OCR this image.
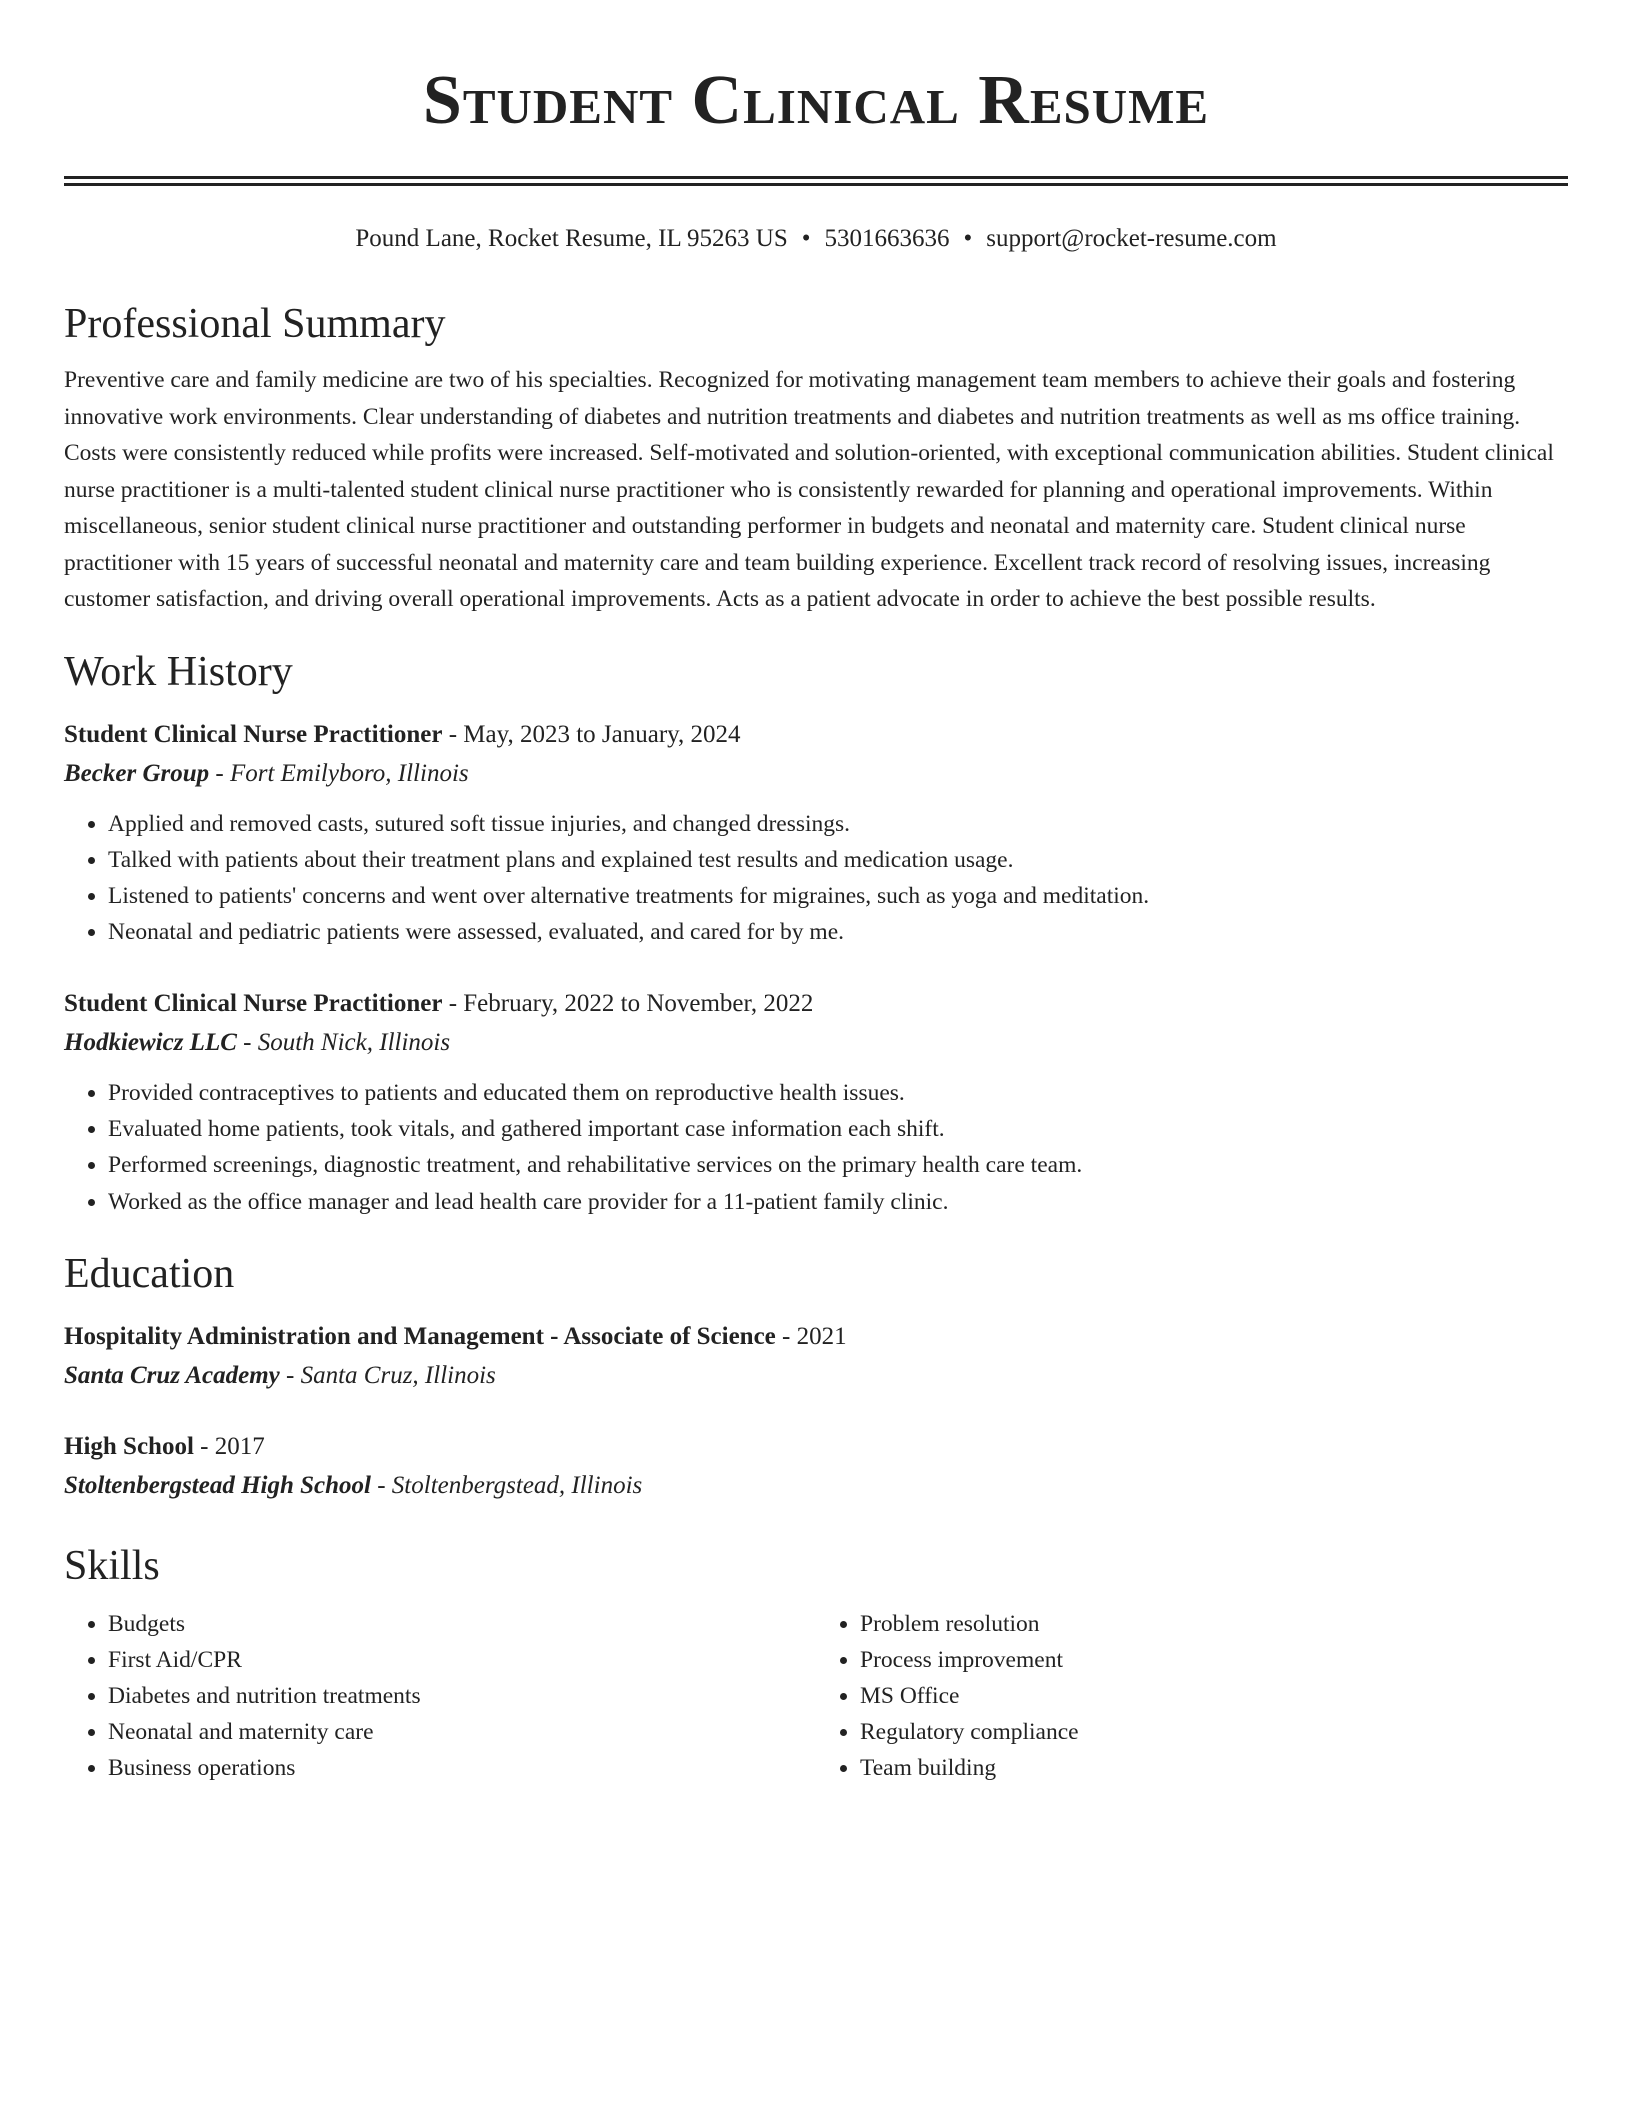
Student Clinical Resume
Pound Lane, Rocket Resume, IL 95263 US • 5301663636 • support@rocket-resume.com
Professional Summary

Preventive care and family medicine are two of his specialties. Recognized for motivating management team members to achieve their goals and fostering innovative work environments. Clear understanding of diabetes and nutrition treatments and diabetes and nutrition treatments as well as ms office training. Costs were consistently reduced while profits were increased. Self-motivated and solution-oriented, with exceptional communication abilities. Student clinical nurse practitioner is a multi-talented student clinical nurse practitioner who is consistently rewarded for planning and operational improvements. Within miscellaneous, senior student clinical nurse practitioner and outstanding performer in budgets and neonatal and maternity care. Student clinical nurse practitioner with 15 years of successful neonatal and maternity care and team building experience. Excellent track record of resolving issues, increasing customer satisfaction, and driving overall operational improvements. Acts as a patient advocate in order to achieve the best possible results.

Work History
Student Clinical Nurse Practitioner - May, 2023 to January, 2024
Becker Group - Fort Emilyboro, Illinois
• Applied and removed casts, sutured soft tissue injuries, and changed dressings.
• Talked with patients about their treatment plans and explained test results and medication usage.
• Listened to patients' concerns and went over alternative treatments for migraines, such as yoga and meditation.
• Neonatal and pediatric patients were assessed, evaluated, and cared for by me.
Student Clinical Nurse Practitioner - February, 2022 to November, 2022
Hodkiewicz LLC - South Nick, Illinois
• Provided contraceptives to patients and educated them on reproductive health issues.
• Evaluated home patients, took vitals, and gathered important case information each shift.
• Performed screenings, diagnostic treatment, and rehabilitative services on the primary health care team.
• Worked as the office manager and lead health care provider for a 11-patient family clinic.
Education
Hospitality Administration and Management - Associate of Science - 2021
Santa Cruz Academy - Santa Cruz, Illinois
High School - 2017
Stoltenbergstead High School - Stoltenbergstead, Illinois
Skills
• Budgets
• First Aid/CPR
• Diabetes and nutrition treatments
• Neonatal and maternity care
• Business operations
• Problem resolution
• Process improvement
• MS Office
• Regulatory compliance
• Team building
